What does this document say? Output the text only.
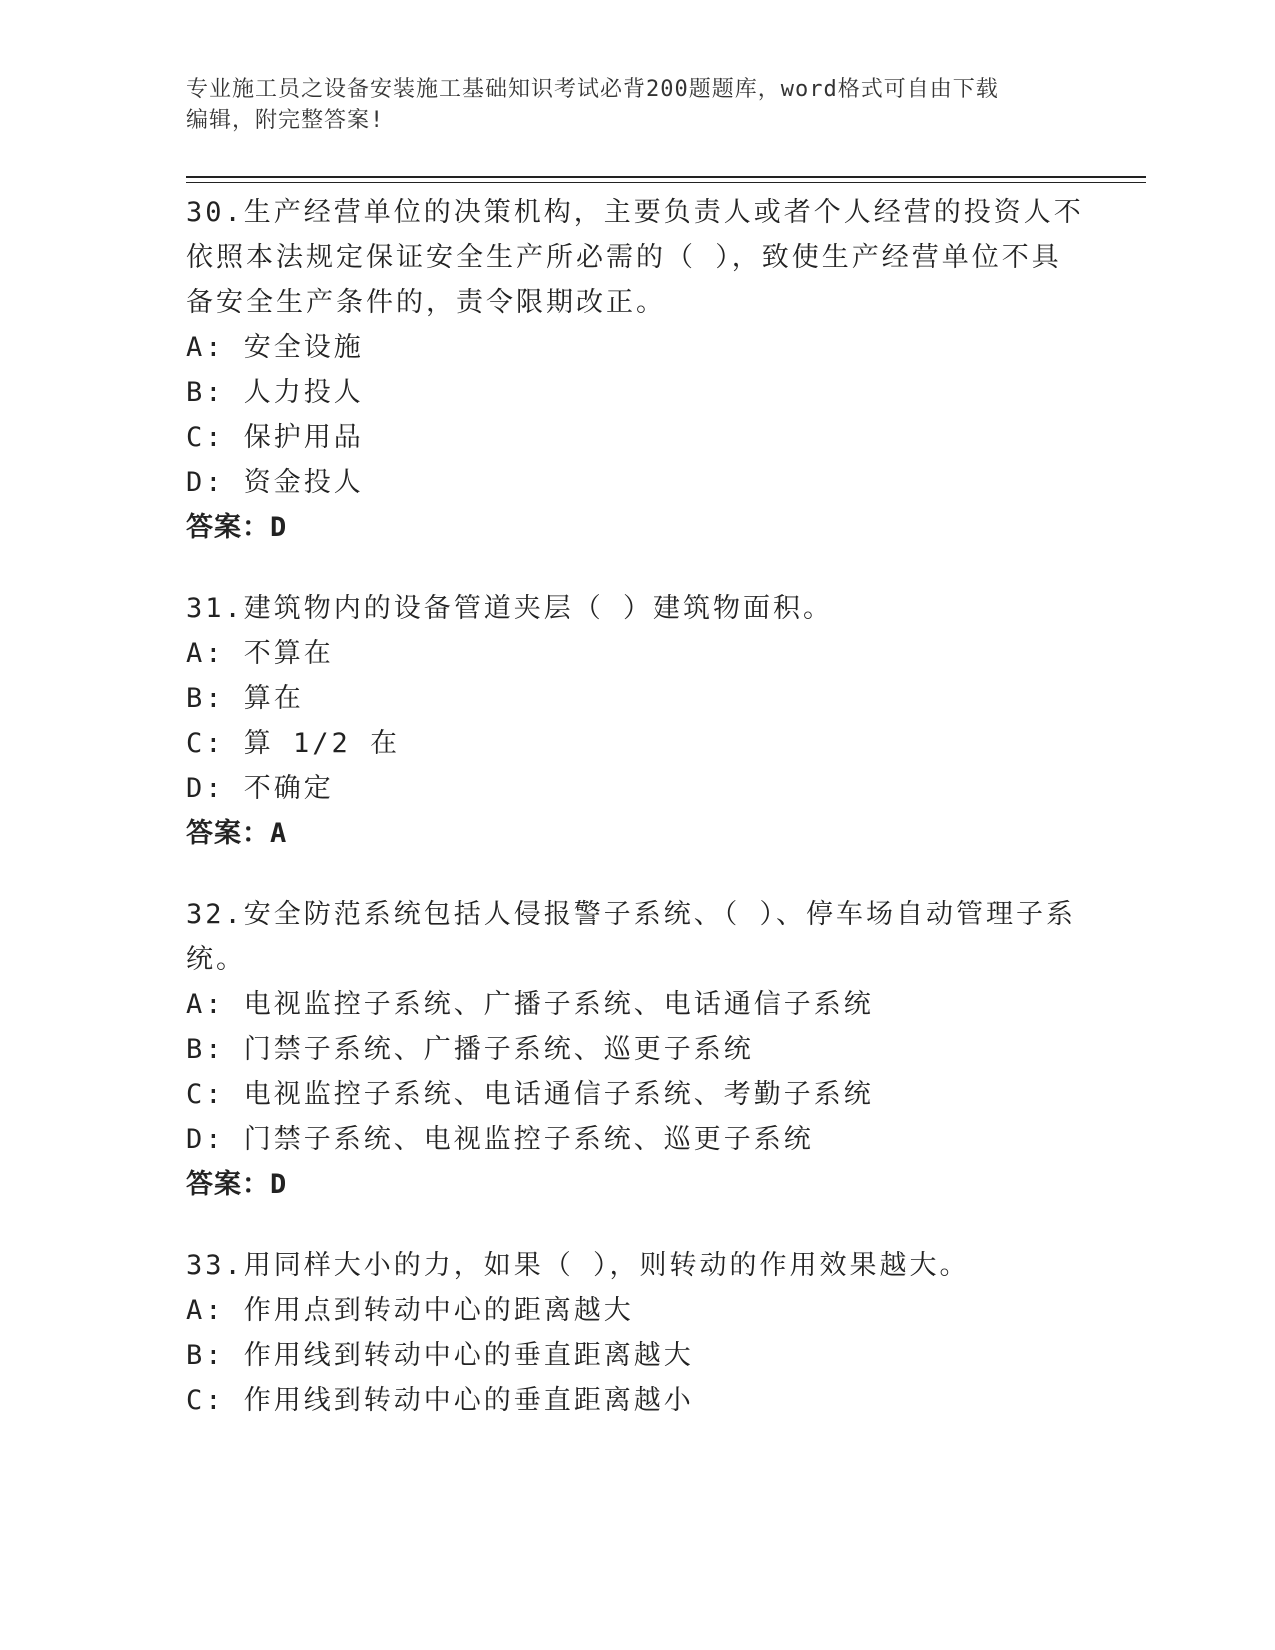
专业施工员之设备安装施工基础知识考试必背200题题库，word格式可自由下载
编辑，附完整答案!
30.生产经营单位的决策机构，主要负责人或者个人经营的投资人不依照本法规定保证安全生产所必需的（ ），致使生产经营单位不具备安全生产条件的，责令限期改正。
A: 安全设施
B: 人力投人
C: 保护用品
D: 资金投人
答案：D
31.建筑物内的设备管道夹层（ ）建筑物面积。
A: 不算在
B: 算在
C: 算 1/2 在
D: 不确定
答案：A
32.安全防范系统包括人侵报警子系统、（ ）、停车场自动管理子系统。
A: 电视监控子系统、广播子系统、电话通信子系统
B: 门禁子系统、广播子系统、巡更子系统
C: 电视监控子系统、电话通信子系统、考勤子系统
D: 门禁子系统、电视监控子系统、巡更子系统
答案：D
33.用同样大小的力，如果（ ），则转动的作用效果越大。
A: 作用点到转动中心的距离越大
B: 作用线到转动中心的垂直距离越大
C: 作用线到转动中心的垂直距离越小
